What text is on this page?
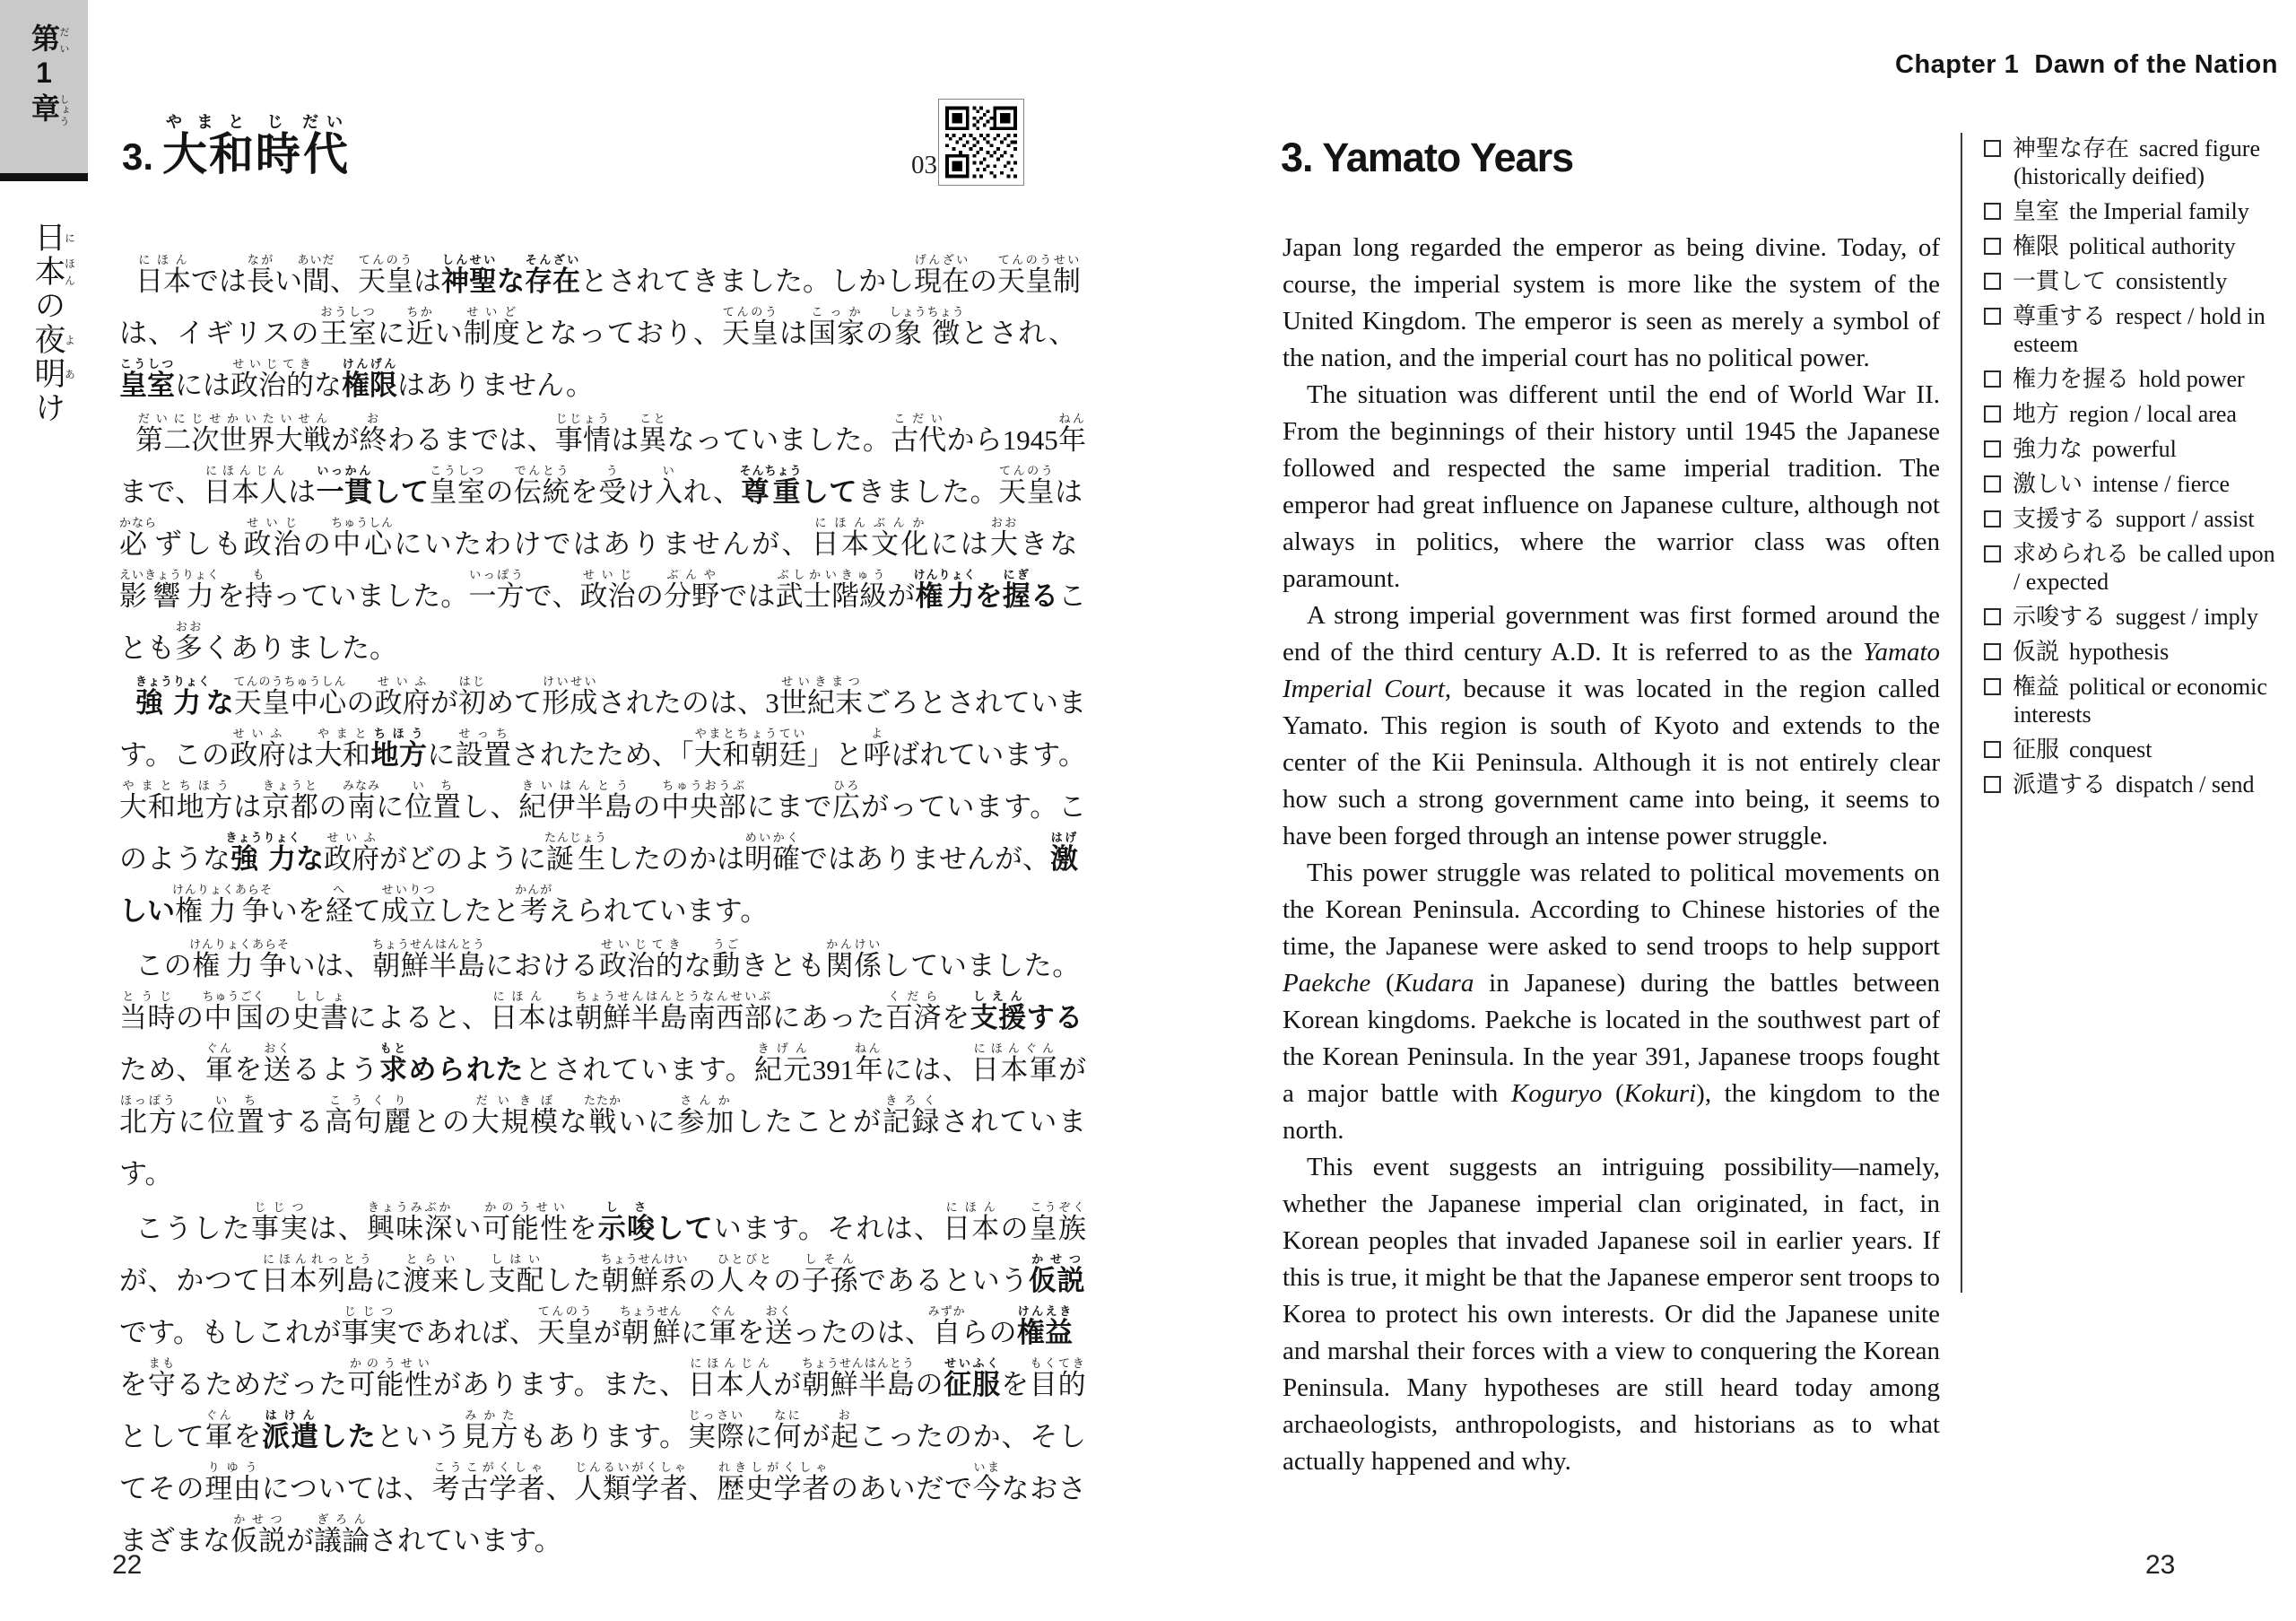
第だい1章しょう
日に本ほんの夜よ明あけ
3. 大和やまと時じ代だい
03

日本にほんでは長ながい間あいだ、天皇てんのうは神聖しんせいな存在そんざいとされてきました。しかし現在げんざいの天皇制てんのうせいは、イギリスの王室おうしつに近ちかい制度せいどとなっており、天皇てんのうは国家こっかの象徴しょうちょうとされ、皇室こうしつには政治的せいじてきな権限けんげんはありません。

第二次世界大戦だいにじせかいたいせんが終おわるまでは、事情じじょうは異ことなっていました。古代こだいから1945年ねんまで、日本人にほんじんは一貫いっかんして皇室こうしつの伝統でんとうを受うけ入いれ、尊重そんちょうしてきました。天皇てんのうは必かならずしも政治せいじの中心ちゅうしんにいたわけではありませんが、日本文化にほんぶんかには大おおきな影響力えいきょうりょくを持もっていました。一方いっぽうで、政治せいじの分野ぶんやでは武士階級ぶしかいきゅうが権力けんりょくを握にぎることも多おおくありました。

強力きょうりょくな天皇中心てんのうちゅうしんの政府せいふが初はじめて形成けいせいされたのは、3世紀末せいきまつごろとされています。この政府せいふは大和やまと地方ちほうに設置せっちされたため、「大和朝廷やまとちょうてい」と呼よばれています。大和地方やまとちほうは京都きょうとの南みなみに位置いちし、紀伊半島きいはんとうの中央部ちゅうおうぶにまで広ひろがっています。このような強力きょうりょくな政府せいふがどのように誕生たんじょうしたのかは明確めいかくではありませんが、激はげしい権力争けんりょくあらそいを経へて成立せいりつしたと考かんがえられています。

この権力争けんりょくあらそいは、朝鮮半島ちょうせんはんとうにおける政治的せいじてきな動うごきとも関係かんけいしていました。当時とうじの中国ちゅうごくの史書ししょによると、日本にほんは朝鮮半島南西部ちょうせんはんとうなんせいぶにあった百済くだらを支援しえんするため、軍ぐんを送おくるよう求もとめられたとされています。紀元きげん391年ねんには、日本軍にほんぐんが北方ほっぽうに位置いちする高句麗こうくりとの大規模だいきぼな戦たたかいに参加さんかしたことが記録きろくされています。

こうした事実じじつは、興味深きょうみぶかい可能性かのうせいを示唆しさしています。それは、日本にほんの皇族こうぞくが、かつて日本列島にほんれっとうに渡来とらいし支配しはいした朝鮮系ちょうせんけいの人々ひとびとの子孫しそんであるという仮説かせつです。もしこれが事実じじつであれば、天皇てんのうが朝鮮ちょうせんに軍ぐんを送おくったのは、自みずからの権益けんえきを守まもるためだった可能性かのうせいがあります。また、日本人にほんじんが朝鮮半島ちょうせんはんとうの征服せいふくを目的もくてきとして軍ぐんを派遣はけんしたという見方みかたもあります。実際じっさいに何なにが起おこったのか、そしてその理由りゆうについては、考古学者こうこがくしゃ、人類学者じんるいがくしゃ、歴史学者れきしがくしゃのあいだで今いまなおさまざまな仮説かせつが議論ぎろんされています。

22
Chapter 1  Dawn of the Nation
3. Yamato Years

Japan long regarded the emperor as being divine. Today, of course, the imperial system is more like the system of the United Kingdom. The emperor is seen as merely a symbol of the nation, and the imperial court has no political power.

The situation was different until the end of World War II. From the beginnings of their history until 1945 the Japanese followed and respected the same imperial tradition. The emperor had great influence on Japanese culture, although not always in politics, where the warrior class was often paramount.

A strong imperial government was first formed around the end of the third century A.D. It is referred to as the Yamato Imperial Court, because it was located in the region called Yamato. This region is south of Kyoto and extends to the center of the Kii Peninsula. Although it is not entirely clear how such a strong government came into being, it seems to have been forged through an intense power struggle.

This power struggle was related to political movements on the Korean Peninsula. According to Chinese histories of the time, the Japanese were asked to send troops to help support Paekche (Kudara in Japanese) during the battles between Korean kingdoms. Paekche is located in the southwest part of the Korean Peninsula. In the year 391, Japanese troops fought a major battle with Koguryo (Kokuri), the kingdom to the north.

This event suggests an intriguing possibility—namely, whether the Japanese imperial clan originated, in fact, in Korean peoples that invaded Japanese soil in earlier years. If this is true, it might be that the Japanese emperor sent troops to Korea to protect his own interests. Or did the Japanese unite and marshal their forces with a view to conquering the Korean Peninsula. Many hypotheses are still heard today among archaeologists, anthropologists, and historians as to what actually happened and why.

神聖な存在 sacred figure (historically deified)
皇室 the Imperial family
権限 political authority
一貫して consistently
尊重する respect / hold in esteem
権力を握る hold power
地方 region / local area
強力な powerful
激しい intense / fierce
支援する support / assist
求められる be called upon / expected
示唆する suggest / imply
仮説 hypothesis
権益 political or economic interests
征服 conquest
派遣する dispatch / send
23
